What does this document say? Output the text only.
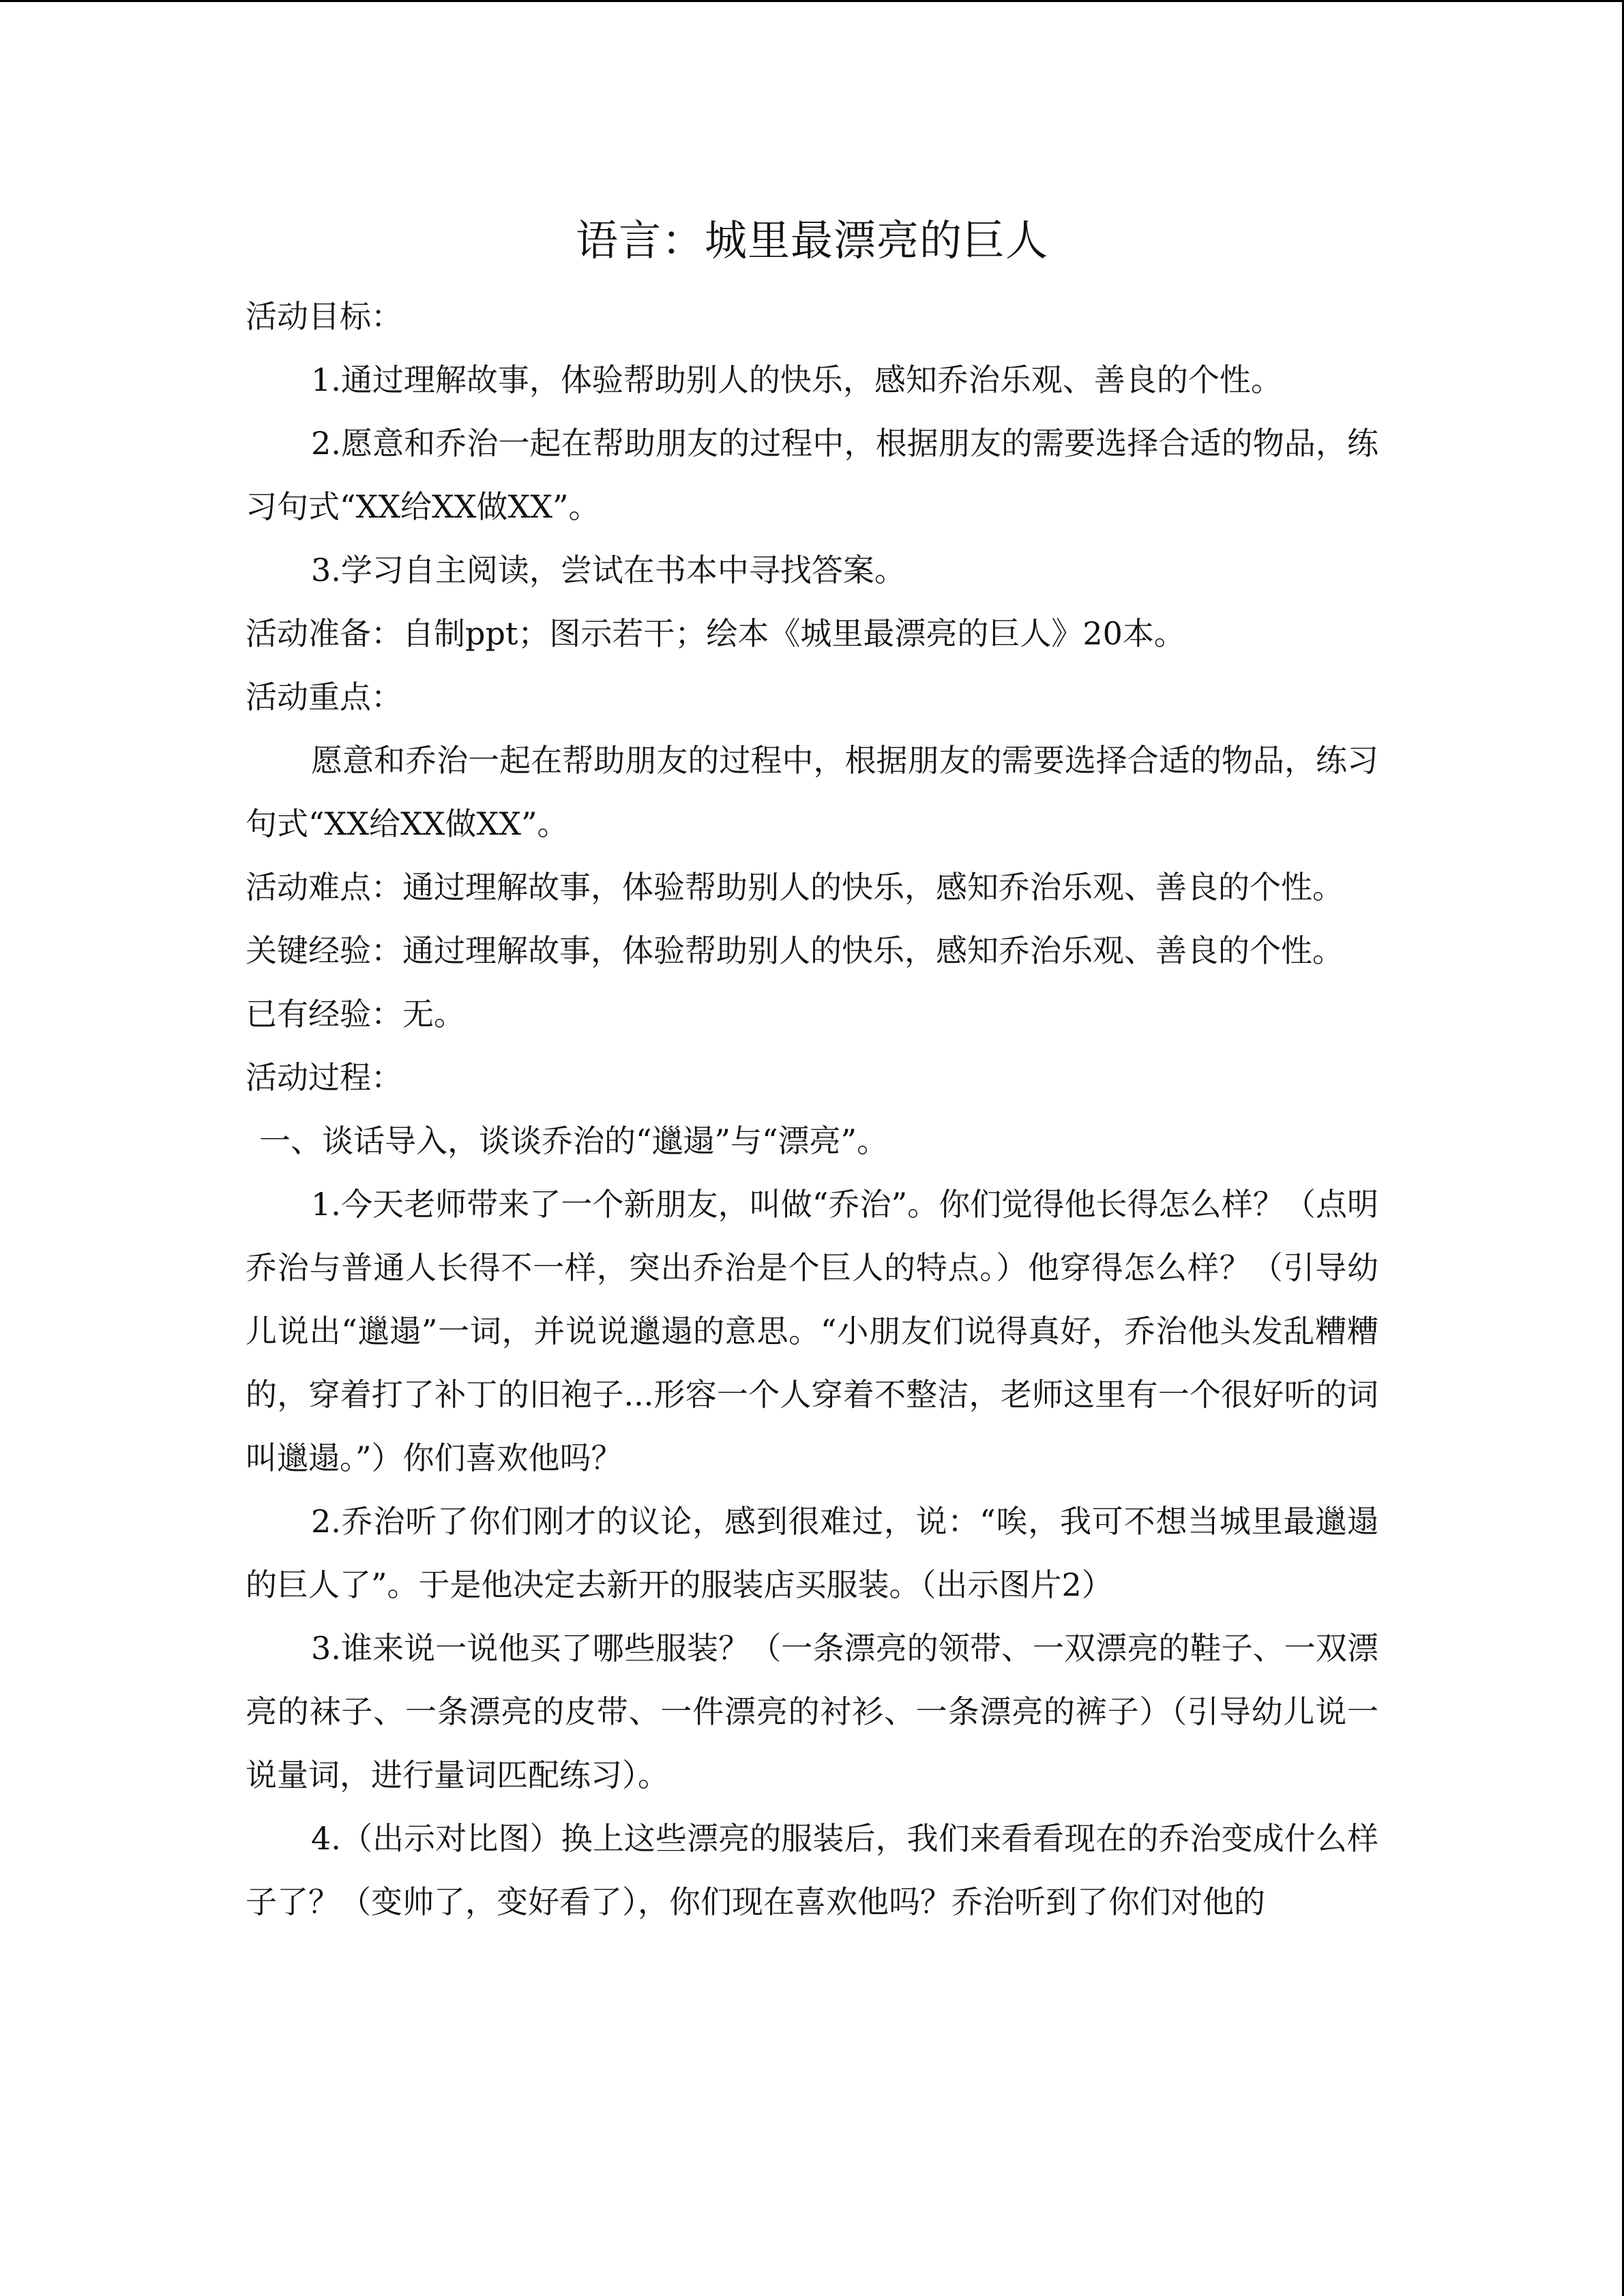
语言：城里最漂亮的巨人

活动目标：

1.通过理解故事，体验帮助别人的快乐，感知乔治乐观、善良的个性。

2.愿意和乔治一起在帮助朋友的过程中，根据朋友的需要选择合适的物品，练习句式“XX给XX做XX”。

3.学习自主阅读，尝试在书本中寻找答案。

活动准备：自制ppt；图示若干；绘本《城里最漂亮的巨人》20本。

活动重点：

愿意和乔治一起在帮助朋友的过程中，根据朋友的需要选择合适的物品，练习句式“XX给XX做XX”。

活动难点：通过理解故事，体验帮助别人的快乐，感知乔治乐观、善良的个性。

关键经验：通过理解故事，体验帮助别人的快乐，感知乔治乐观、善良的个性。

已有经验：无。

活动过程：

一、谈话导入，谈谈乔治的“邋遢”与“漂亮”。

1.今天老师带来了一个新朋友，叫做“乔治”。你们觉得他长得怎么样？（点明乔治与普通人长得不一样，突出乔治是个巨人的特点。）他穿得怎么样？（引导幼儿说出“邋遢”一词，并说说邋遢的意思。“小朋友们说得真好，乔治他头发乱糟糟的，穿着打了补丁的旧袍子...形容一个人穿着不整洁，老师这里有一个很好听的词叫邋遢。”）你们喜欢他吗？

2.乔治听了你们刚才的议论，感到很难过，说：“唉，我可不想当城里最邋遢的巨人了”。于是他决定去新开的服装店买服装。（出示图片2）

3.谁来说一说他买了哪些服装？（一条漂亮的领带、一双漂亮的鞋子、一双漂亮的袜子、一条漂亮的皮带、一件漂亮的衬衫、一条漂亮的裤子）（引导幼儿说一说量词，进行量词匹配练习）。

4.（出示对比图）换上这些漂亮的服装后，我们来看看现在的乔治变成什么样子了？（变帅了，变好看了），你们现在喜欢他吗？乔治听到了你们对他的
